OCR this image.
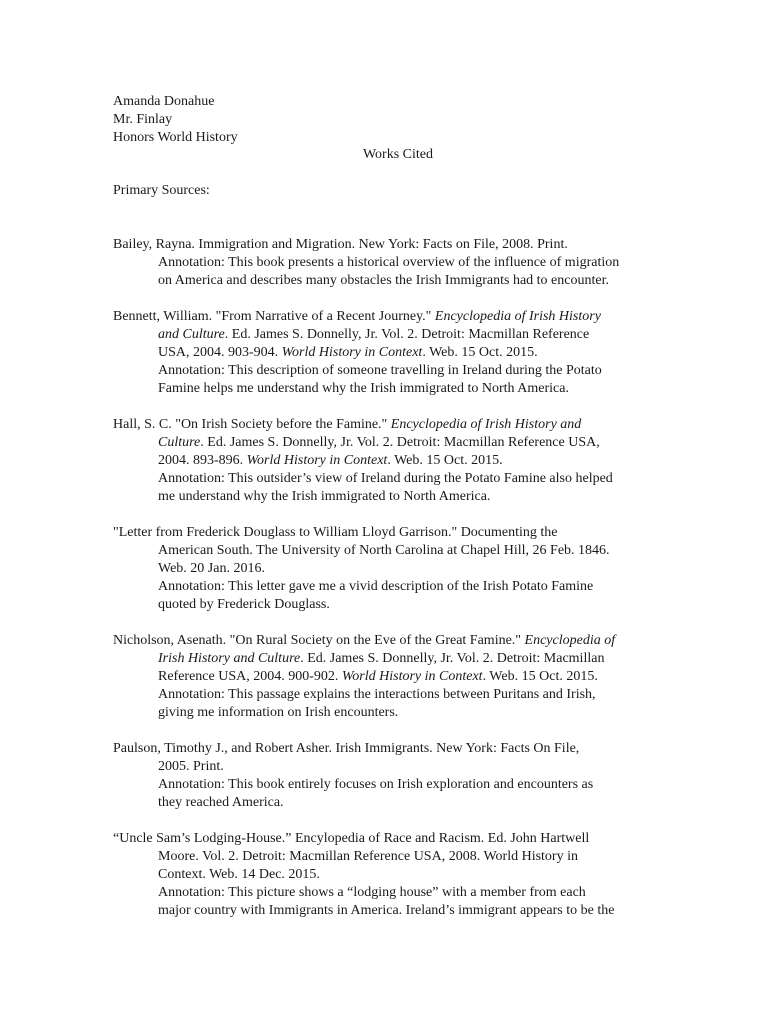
Amanda Donahue
Mr. Finlay
Honors World History
Works Cited
Primary Sources:
Bailey, Rayna. Immigration and Migration. New York: Facts on File, 2008. Print.
Annotation: This book presents a historical overview of the influence of migration
on America and describes many obstacles the Irish Immigrants had to encounter.
Bennett, William. "From Narrative of a Recent Journey." Encyclopedia of Irish History
and Culture. Ed. James S. Donnelly, Jr. Vol. 2. Detroit: Macmillan Reference
USA, 2004. 903-904. World History in Context. Web. 15 Oct. 2015.
Annotation: This description of someone travelling in Ireland during the Potato
Famine helps me understand why the Irish immigrated to North America.
Hall, S. C. "On Irish Society before the Famine." Encyclopedia of Irish History and
Culture. Ed. James S. Donnelly, Jr. Vol. 2. Detroit: Macmillan Reference USA,
2004. 893-896. World History in Context. Web. 15 Oct. 2015.
Annotation: This outsider’s view of Ireland during the Potato Famine also helped
me understand why the Irish immigrated to North America.
"Letter from Frederick Douglass to William Lloyd Garrison." Documenting the
American South. The University of North Carolina at Chapel Hill, 26 Feb. 1846.
Web. 20 Jan. 2016.
Annotation: This letter gave me a vivid description of the Irish Potato Famine
quoted by Frederick Douglass.
Nicholson, Asenath. "On Rural Society on the Eve of the Great Famine." Encyclopedia of
Irish History and Culture. Ed. James S. Donnelly, Jr. Vol. 2. Detroit: Macmillan
Reference USA, 2004. 900-902. World History in Context. Web. 15 Oct. 2015.
Annotation: This passage explains the interactions between Puritans and Irish,
giving me information on Irish encounters.
Paulson, Timothy J., and Robert Asher. Irish Immigrants. New York: Facts On File,
2005. Print.
Annotation: This book entirely focuses on Irish exploration and encounters as
they reached America.
“Uncle Sam’s Lodging-House.” Encylopedia of Race and Racism. Ed. John Hartwell
Moore. Vol. 2. Detroit: Macmillan Reference USA, 2008. World History in
Context. Web. 14 Dec. 2015.
Annotation: This picture shows a “lodging house” with a member from each
major country with Immigrants in America. Ireland’s immigrant appears to be the
